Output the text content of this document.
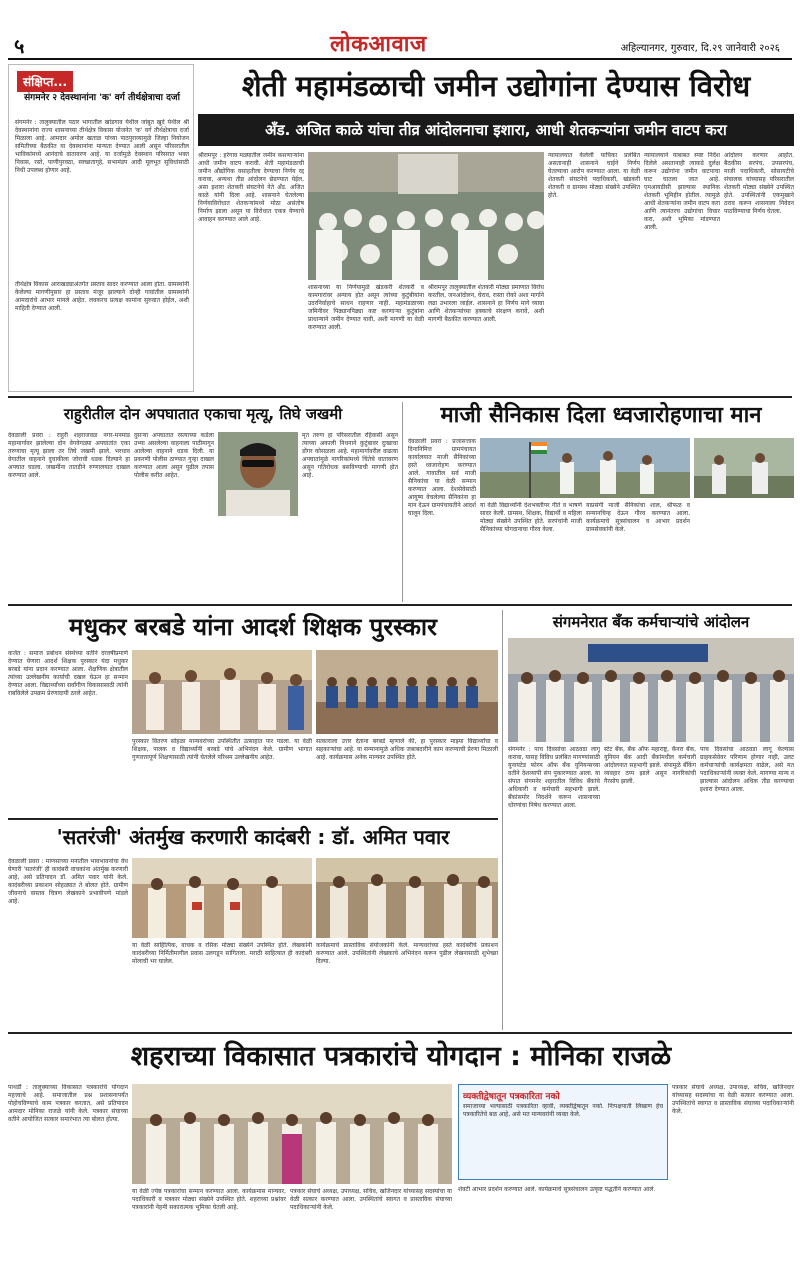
५	लोकआवाज	अहिल्यानगर, गुरुवार, दि.२९ जानेवारी २०२६
संक्षिप्त...
संगमनेर २ देवस्थानांना 'क' वर्ग तीर्थक्षेत्राचा दर्जा
संगमनेर : तालुक्यातील पठार भागातील खांडगाव येथील जांबुत खुर्द येथील श्री देवस्थानांना राज्य शासनाच्या तीर्थक्षेत्र विकास योजनेत 'क' वर्ग तीर्थक्षेत्राचा दर्जा मिळाला आहे. आमदार अमोल खताळ यांच्या पाठपुराव्यामुळे जिल्हा नियोजन समितीच्या बैठकीत या देवस्थानांना मान्यता देण्यात आली असून परिसरातील भाविकांमध्ये आनंदाचे वातावरण आहे. या दर्जामुळे देवस्थान परिसरात भक्त निवास, रस्ते, पाणीपुरवठा, स्वच्छतागृहे, सभामंडप आदी मूलभूत सुविधांसाठी निधी उपलब्ध होणार आहे.
तीर्थक्षेत्र विकास आराखड्याअंतर्गत प्रस्ताव सादर करण्यात आला होता. ग्रामस्थांनी केलेल्या मागणीनुसार हा प्रस्ताव मंजूर झाल्याने दोन्ही गावांतील ग्रामस्थांनी आमदारांचे आभार मानले आहेत. लवकरच प्रत्यक्ष कामांना सुरुवात होईल, अशी माहिती देण्यात आली.
शेती महामंडळाची जमीन उद्योगांना देण्यास विरोध
अँड. अजित काळे यांचा तीव्र आंदोलनाचा इशारा, आधी शेतकऱ्यांना जमीन वाटप करा
श्रीरामपूर : हरेगाव मळ्यातील जमीन कसणाऱ्यांना आधी जमीन वाटप करावी. शेती महामंडळाची जमीन औद्योगिक वसाहतीला देण्याचा निर्णय रद्द करावा, अन्यथा तीव्र आंदोलन छेडण्यात येईल, असा इशारा शेतकरी संघटनेचे नेते अँड. अजित काळे यांनी दिला आहे. शासनाने घेतलेल्या निर्णयाविरोधात शेतकऱ्यांमध्ये मोठा असंतोष निर्माण झाला असून या विरोधात एकत्र येण्याचे आवाहन करण्यात आले आहे.
शासनाच्या या निर्णयामुळे खंडकरी शेतकरी व कामगारांवर अन्याय होत असून त्यांच्या कुटुंबीयांना उदरनिर्वाहाचे साधन राहणार नाही. महामंडळाच्या जमिनीवर पिढ्यानपिढ्या कष्ट करणाऱ्या कुटुंबांना प्राधान्याने जमीन देण्यात यावी, अशी मागणी या वेळी करण्यात आली.
श्रीरामपूर तालुक्यातील शेतकरी मोठ्या प्रमाणात विरोध करतील, जनआंदोलन, घेराव, रास्ता रोको अशा मार्गाने लढा उभारला जाईल. शासनाने हा निर्णय मागे घ्यावा आणि शेतकऱ्यांच्या हक्काचे संरक्षण करावे, अशी मागणी बैठकीत करण्यात आली.
न्यायालयात केलेली याचिका प्रलंबित असतानाही शासनाने घाईने निर्णय घेतल्याचा आरोप करण्यात आला. या वेळी शेतकरी संघटनेचे पदाधिकारी, खंडकरी शेतकरी व ग्रामस्थ मोठ्या संख्येने उपस्थित होते.
न्यायालयाने याबाबत स्पष्ट निर्देश दिलेले असतानाही त्याकडे दुर्लक्ष करून उद्योगांना जमीन वाटपाचा घाट घातला जात आहे. एमआयडीसी झाल्यास स्थानिक शेतकरी भूमिहीन होतील. त्यामुळे आधी शेतकऱ्यांना जमीन वाटप करा आणि त्यानंतरच उद्योगांचा विचार करा, अशी भूमिका मांडण्यात आली.
आंदोलन करणार आहोत. बैठकीस सरपंच, उपसरपंच, माजी पदाधिकारी, सोसायटीचे संचालक यांच्यासह परिसरातील शेतकरी मोठ्या संख्येने उपस्थित होते. उपस्थितांनी एकमुखाने ठराव करून शासनाला निवेदन पाठविण्याचा निर्णय घेतला.
राहुरीतील दोन अपघातात एकाचा मृत्यू, तिघे जखमी
देवळाली प्रवरा : राहुरी शहराजवळ नगर-मनमाड महामार्गावर झालेल्या दोन वेगवेगळ्या अपघातांत एका तरुणाचा मृत्यू झाला तर तिघे जखमी झाले. भरधाव वेगातील वाहनाने दुचाकीला जोराची धडक दिल्याने हा अपघात घडला. जखमींना तातडीने रुग्णालयात दाखल करण्यात आले.
दुसऱ्या अपघातात रस्त्याच्या कडेला उभ्या असलेल्या वाहनाला पाठीमागून आलेल्या वाहनाने धडक दिली. या प्रकरणी पोलीस ठाण्यात गुन्हा दाखल करण्यात आला असून पुढील तपास पोलीस करीत आहेत.
मृत तरुण हा परिसरातील रहिवासी असून त्याच्या अकाली निधनाने कुटुंबावर दुःखाचा डोंगर कोसळला आहे. महामार्गावरील वाढत्या अपघातांमुळे नागरिकांमध्ये चिंतेचे वातावरण असून गतिरोधक बसविण्याची मागणी होत आहे.
माजी सैनिकास दिला ध्वजारोहणाचा मान
देवळाली प्रवरा : प्रजासत्ताक दिनानिमित्त ग्रामपंचायत कार्यालयात माजी सैनिकांच्या हस्ते ध्वजारोहण करण्यात आले. गावातील सर्व माजी सैनिकांचा या वेळी सन्मान करण्यात आला. देशसेवेसाठी आयुष्य वेचलेल्या सैनिकांना हा मान देऊन ग्रामपंचायतीने आदर्श घालून दिला.
या वेळी विद्यार्थ्यांनी देशभक्तीपर गीते व भाषणे सादर केली. ग्रामस्थ, शिक्षक, विद्यार्थी व महिला मोठ्या संख्येने उपस्थित होते. सरपंचांनी माजी सैनिकांच्या योगदानाचा गौरव केला.
याप्रसंगी माजी सैनिकांचा शाल, श्रीफळ व सन्मानचिन्ह देऊन गौरव करण्यात आला. कार्यक्रमाचे सूत्रसंचालन व आभार प्रदर्शन ग्रामसेवकांनी केले.
मधुकर बरबडे यांना आदर्श शिक्षक पुरस्कार
कर्जत : समाज प्रबोधन संस्थेच्या वतीने दरवर्षीप्रमाणे देण्यात येणारा आदर्श शिक्षक पुरस्कार यंदा मधुकर बरबडे यांना प्रदान करण्यात आला. शैक्षणिक क्षेत्रातील त्यांच्या उल्लेखनीय कार्याची दखल घेऊन हा सन्मान देण्यात आला. विद्यार्थ्यांच्या सर्वांगीण विकासासाठी त्यांनी राबविलेले उपक्रम प्रेरणादायी ठरले आहेत.
पुरस्कार वितरण सोहळा मान्यवरांच्या उपस्थितीत उत्साहात पार पडला. या वेळी शिक्षक, पालक व विद्यार्थ्यांनी बरबडे यांचे अभिनंदन केले. ग्रामीण भागात गुणवत्तापूर्ण शिक्षणासाठी त्यांनी घेतलेले परिश्रम उल्लेखनीय आहेत.
सत्काराला उत्तर देताना बरबडे म्हणाले की, हा पुरस्कार माझ्या विद्यार्थ्यांचा व सहकाऱ्यांचा आहे. या सन्मानामुळे अधिक जबाबदारीने काम करण्याची प्रेरणा मिळाली आहे. कार्यक्रमास अनेक मान्यवर उपस्थित होते.
'सतरंजी' अंतर्मुख करणारी कादंबरी : डॉ. अमित पवार
देवळाली प्रवरा : माणसाच्या मनातील भावभावनांचा वेध घेणारी 'सतरंजी' ही कादंबरी वाचकांना अंतर्मुख करणारी आहे, असे प्रतिपादन डॉ. अमित पवार यांनी केले. कादंबरीच्या प्रकाशन सोहळ्यात ते बोलत होते. ग्रामीण जीवनाचे वास्तव चित्रण लेखकाने प्रभावीपणे मांडले आहे.
या वेळी साहित्यिक, वाचक व रसिक मोठ्या संख्येने उपस्थित होते. लेखकांनी कादंबरीच्या निर्मितीमागील प्रवास उलगडून सांगितला. मराठी साहित्यात ही कादंबरी मोलाची भर घालेल.
कार्यक्रमाचे प्रास्ताविक संयोजकांनी केले. मान्यवरांच्या हस्ते कादंबरीचे प्रकाशन करण्यात आले. उपस्थितांनी लेखकाचे अभिनंदन करून पुढील लेखनासाठी शुभेच्छा दिल्या.
संगमनेरात बँक कर्मचाऱ्यांचे आंदोलन
संगमनेर : पाच दिवसांचा आठवडा लागू करावा, यासह विविध प्रलंबित मागण्यांसाठी युनायटेड फोरम ऑफ बँक युनियन्सच्या वतीने देशव्यापी संप पुकारण्यात आला. या संपात संगमनेर शहरातील विविध बँकांचे अधिकारी व कर्मचारी सहभागी झाले. बँकांसमोर निदर्शने करून शासनाच्या धोरणांचा निषेध करण्यात आला.
स्टेट बँक, बँक ऑफ महाराष्ट्र, कॅनरा बँक, युनियन बँक आदी बँकांमधील कर्मचारी आंदोलनात सहभागी झाले. संपामुळे बँकिंग व्यवहार ठप्प झाले असून नागरिकांची गैरसोय झाली.
पाच दिवसांचा आठवडा लागू केल्यास ग्राहकसेवेवर परिणाम होणार नाही, उलट कर्मचाऱ्यांची कार्यक्षमता वाढेल, असे मत पदाधिकाऱ्यांनी व्यक्त केले. मागण्या मान्य न झाल्यास आंदोलन अधिक तीव्र करण्याचा इशारा देण्यात आला.
शहराच्या विकासात पत्रकारांचे योगदान : मोनिका राजळे
पाथर्डी : तालुक्याच्या विकासात पत्रकारांचे योगदान महत्त्वाचे आहे. समाजातील प्रश्न प्रशासनापर्यंत पोहोचविण्याचे काम पत्रकार करतात, असे प्रतिपादन आमदार मोनिका राजळे यांनी केले. पत्रकार संघाच्या वतीने आयोजित सत्कार समारंभात त्या बोलत होत्या.
या वेळी ज्येष्ठ पत्रकारांचा सन्मान करण्यात आला. कार्यक्रमास मान्यवर, पदाधिकारी व पत्रकार मोठ्या संख्येने उपस्थित होते. शहराच्या प्रश्नांवर पत्रकारांनी नेहमी सकारात्मक भूमिका घेतली आहे.
पत्रकार संघाचे अध्यक्ष, उपाध्यक्ष, सचिव, खजिनदार यांच्यासह सदस्यांचा या वेळी सत्कार करण्यात आला. उपस्थितांचे स्वागत व प्रास्ताविक संघाच्या पदाधिकाऱ्यांनी केले.
व्यक्तीद्वेषातून पत्रकारिता नको
समाजाच्या भल्यासाठी पत्रकारिता व्हावी, व्यक्तीद्वेषातून नको. निःपक्षपाती लिखाण हेच पत्रकारितेचे बळ आहे, असे मत मान्यवरांनी व्यक्त केले.
शेवटी आभार प्रदर्शन करण्यात आले. कार्यक्रमाचे सूत्रसंचालन उत्कृष्ट पद्धतीने करण्यात आले.
पत्रकार संघाचे अध्यक्ष, उपाध्यक्ष, सचिव, खजिनदार यांच्यासह सदस्यांचा या वेळी सत्कार करण्यात आला. उपस्थितांचे स्वागत व प्रास्ताविक संघाच्या पदाधिकाऱ्यांनी केले.
